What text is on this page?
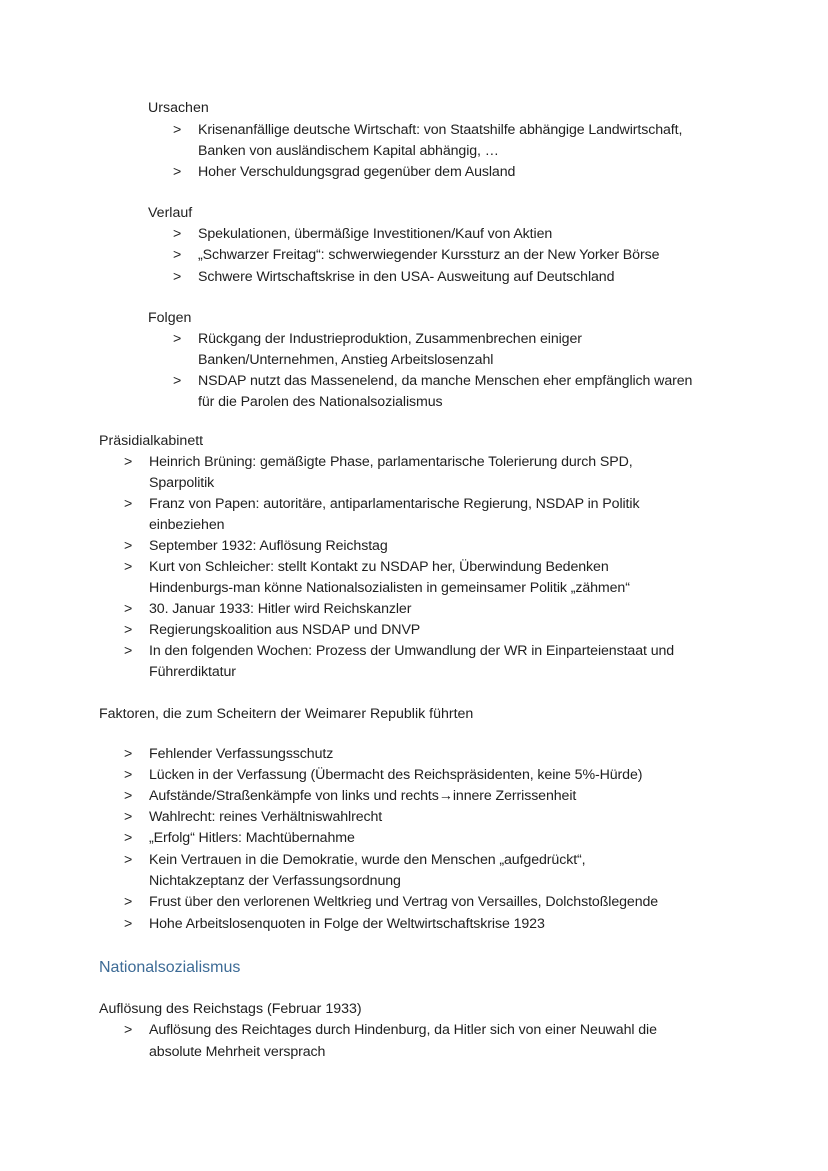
Ursachen
> Krisenanfällige deutsche Wirtschaft: von Staatshilfe abhängige Landwirtschaft,
Banken von ausländischem Kapital abhängig, …
> Hoher Verschuldungsgrad gegenüber dem Ausland
Verlauf
> Spekulationen, übermäßige Investitionen/Kauf von Aktien
> „Schwarzer Freitag“: schwerwiegender Kurssturz an der New Yorker Börse
> Schwere Wirtschaftskrise in den USA- Ausweitung auf Deutschland
Folgen
> Rückgang der Industrieproduktion, Zusammenbrechen einiger
Banken/Unternehmen, Anstieg Arbeitslosenzahl
> NSDAP nutzt das Massenelend, da manche Menschen eher empfänglich waren
für die Parolen des Nationalsozialismus
Präsidialkabinett
> Heinrich Brüning: gemäßigte Phase, parlamentarische Tolerierung durch SPD,
Sparpolitik
> Franz von Papen: autoritäre, antiparlamentarische Regierung, NSDAP in Politik
einbeziehen
> September 1932: Auflösung Reichstag
> Kurt von Schleicher: stellt Kontakt zu NSDAP her, Überwindung Bedenken
Hindenburgs-man könne Nationalsozialisten in gemeinsamer Politik „zähmen“
> 30. Januar 1933: Hitler wird Reichskanzler
> Regierungskoalition aus NSDAP und DNVP
> In den folgenden Wochen: Prozess der Umwandlung der WR in Einparteienstaat und
Führerdiktatur
Faktoren, die zum Scheitern der Weimarer Republik führten
> Fehlender Verfassungsschutz
> Lücken in der Verfassung (Übermacht des Reichspräsidenten, keine 5%-Hürde)
> Aufstände/Straßenkämpfe von links und rechts→innere Zerrissenheit
> Wahlrecht: reines Verhältniswahlrecht
> „Erfolg“ Hitlers: Machtübernahme
> Kein Vertrauen in die Demokratie, wurde den Menschen „aufgedrückt“,
Nichtakzeptanz der Verfassungsordnung
> Frust über den verlorenen Weltkrieg und Vertrag von Versailles, Dolchstoßlegende
> Hohe Arbeitslosenquoten in Folge der Weltwirtschaftskrise 1923
Nationalsozialismus
Auflösung des Reichstags (Februar 1933)
> Auflösung des Reichtages durch Hindenburg, da Hitler sich von einer Neuwahl die
absolute Mehrheit versprach
